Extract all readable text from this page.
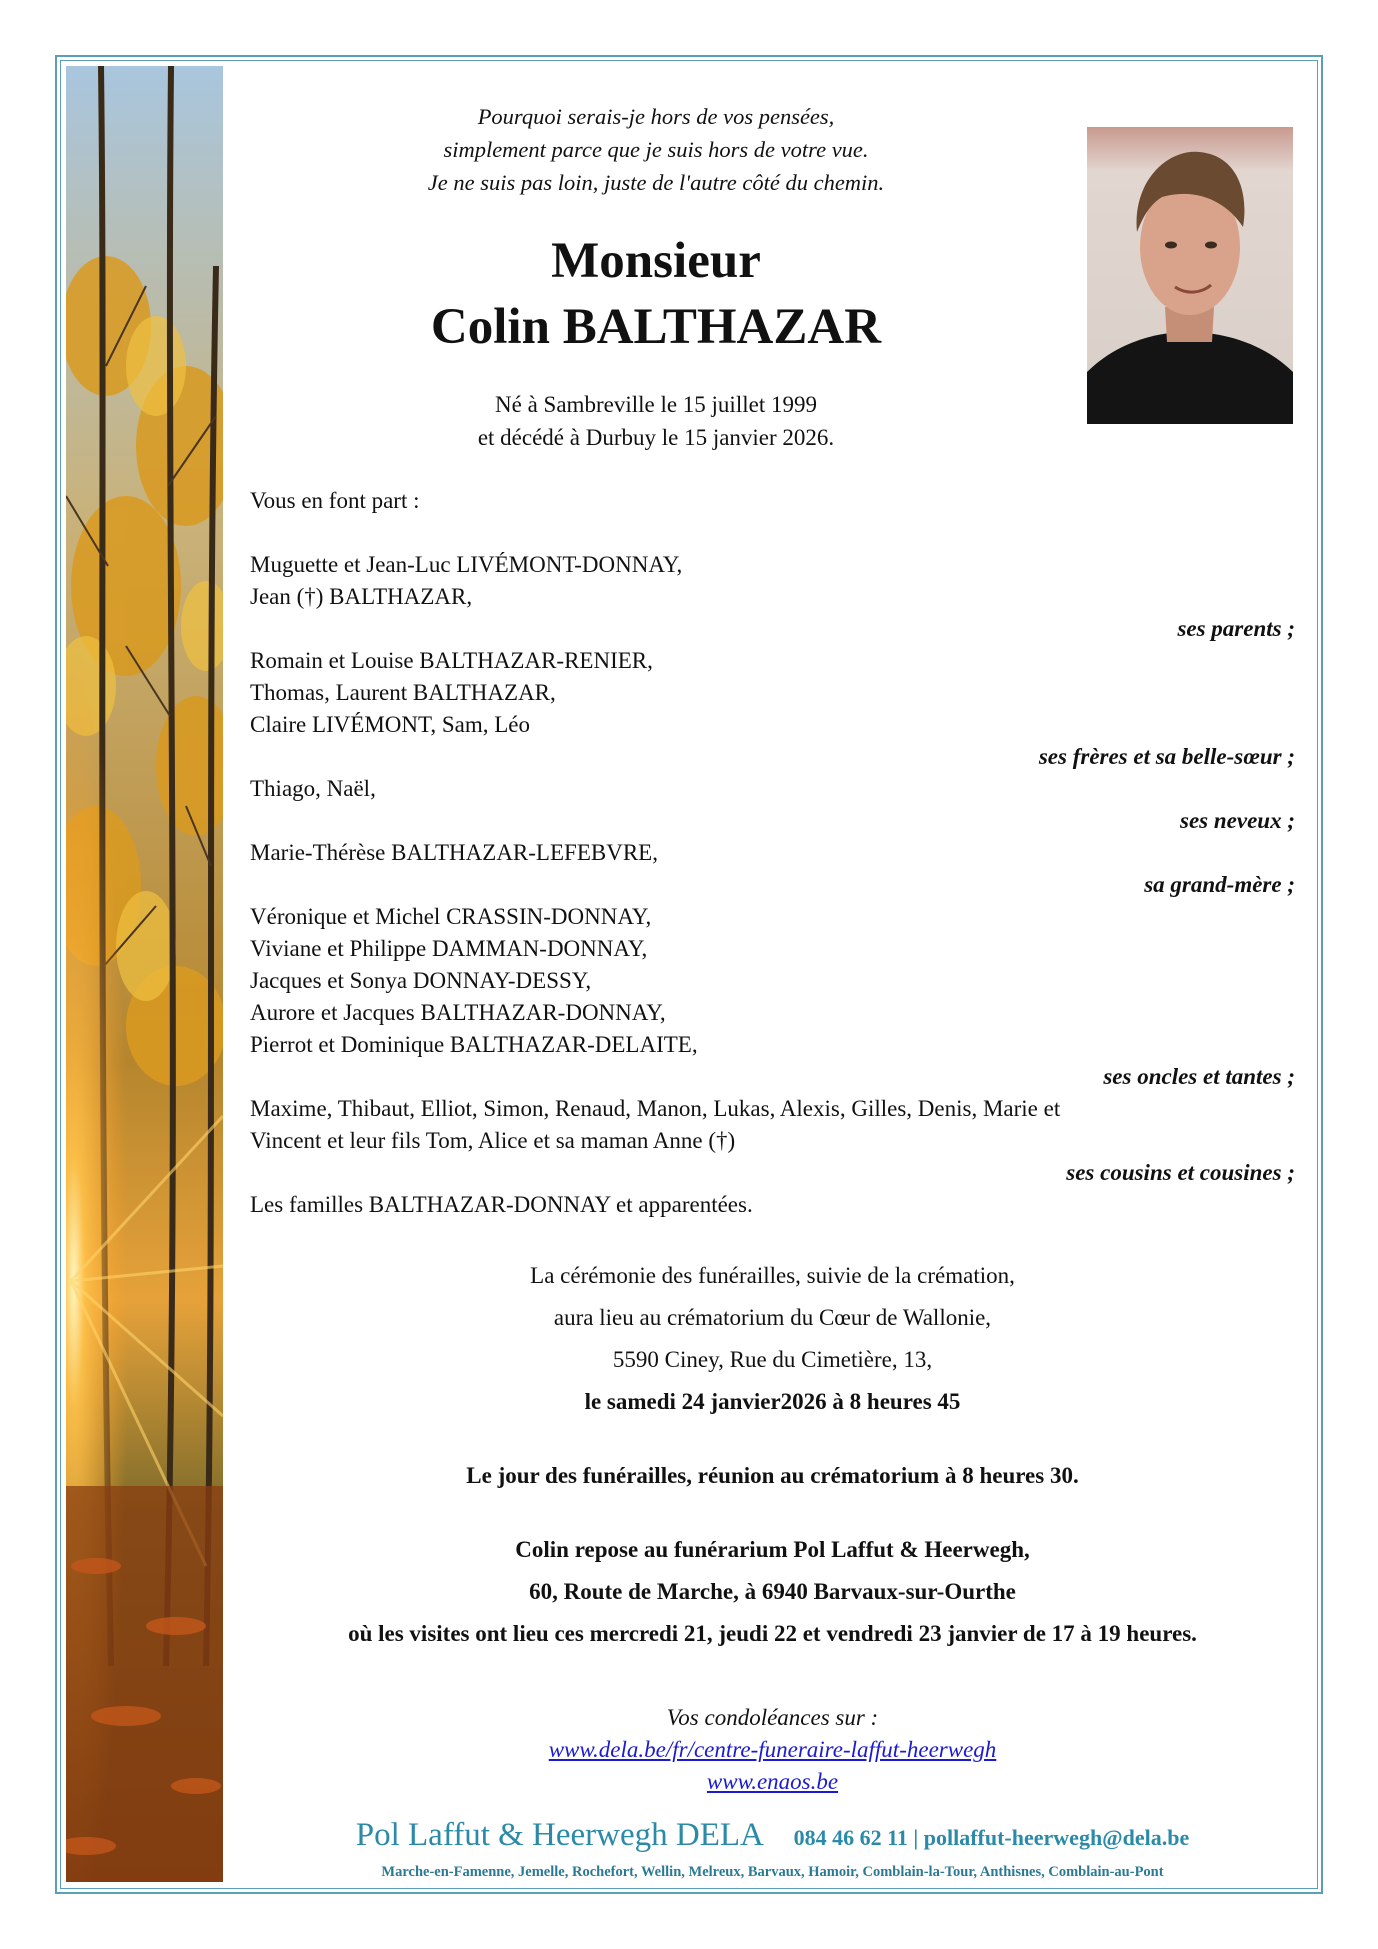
Pourquoi serais-je hors de vos pensées,
simplement parce que je suis hors de votre vue.
Je ne suis pas loin, juste de l'autre côté du chemin.
Monsieur
Colin BALTHAZAR
Né à Sambreville le 15 juillet 1999
et décédé à Durbuy le 15 janvier 2026.
Vous en font part :
Muguette et Jean-Luc LIVÉMONT-DONNAY,
Jean (†) BALTHAZAR,
ses parents ;
Romain et Louise BALTHAZAR-RENIER,
Thomas, Laurent BALTHAZAR,
Claire LIVÉMONT, Sam, Léo
ses frères et sa belle-sœur ;
Thiago, Naël,
ses neveux ;
Marie-Thérèse BALTHAZAR-LEFEBVRE,
sa grand-mère ;
Véronique et Michel CRASSIN-DONNAY,
Viviane et Philippe DAMMAN-DONNAY,
Jacques et Sonya DONNAY-DESSY,
Aurore et Jacques BALTHAZAR-DONNAY,
Pierrot et Dominique BALTHAZAR-DELAITE,
ses oncles et tantes ;
Maxime, Thibaut, Elliot, Simon, Renaud, Manon, Lukas, Alexis, Gilles, Denis, Marie et
Vincent et leur fils Tom, Alice et sa maman Anne (†)
ses cousins et cousines ;
Les familles BALTHAZAR-DONNAY et apparentées.
La cérémonie des funérailles, suivie de la crémation,
aura lieu au crématorium du Cœur de Wallonie,
5590 Ciney, Rue du Cimetière, 13,
le samedi 24 janvier2026 à 8 heures 45
Le jour des funérailles, réunion au crématorium à 8 heures 30.
Colin repose au funérarium Pol Laffut & Heerwegh,
60, Route de Marche, à 6940 Barvaux-sur-Ourthe
où les visites ont lieu ces mercredi 21, jeudi 22 et vendredi 23 janvier de 17 à 19 heures.
Vos condoléances sur :
www.dela.be/fr/centre-funeraire-laffut-heerwegh
www.enaos.be
Pol Laffut & Heerwegh DELA 084 46 62 11 | pollaffut-heerwegh@dela.be
Marche-en-Famenne, Jemelle, Rochefort, Wellin, Melreux, Barvaux, Hamoir, Comblain-la-Tour, Anthisnes, Comblain-au-Pont
